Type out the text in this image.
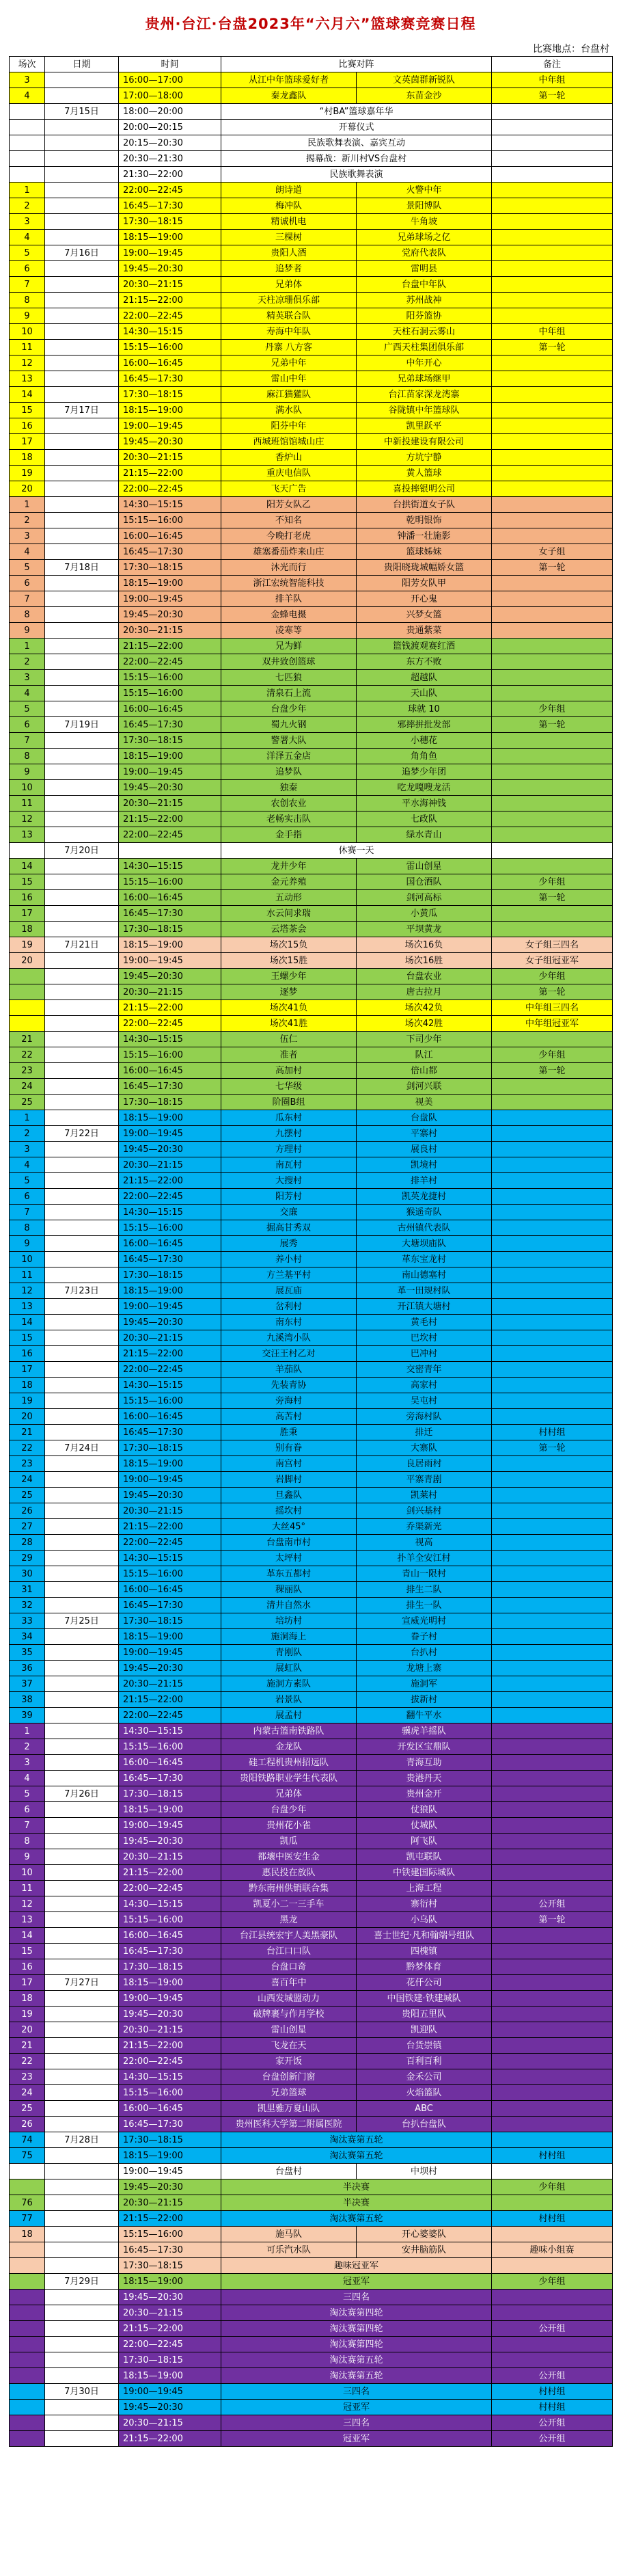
贵州·台江·台盘2023年“六月六”篮球赛竞赛日程
比赛地点：台盘村
场次	日期	时间	比赛对阵		备注
3		16:00—17:00	从江中年篮球爱好者	文英茵群新锐队	中年组
4		17:00—18:00	秦龙鑫队	东苗金沙	第一轮
	7月15日	18:00—20:00	“村BA”篮球嘉年华		
		20:00—20:15	开幕仪式		
		20:15—20:30	民族歌舞表演、嘉宾互动		
		20:30—21:30	揭幕战：新川村VS台盘村		
		21:30—22:00	民族歌舞表演		
1		22:00—22:45	朗诗道	火警中年	
2		16:45—17:30	梅冲队	景阳博队	
3		17:30—18:15	精诚机电	牛角坡	
4		18:15—19:00	三棵树	兄弟球场之亿	
5	7月16日	19:00—19:45	贵阳人酒	党府代表队	
6		19:45—20:30	追梦者	雷明县	
7		20:30—21:15	兄弟体	台盘中年队	
8		21:15—22:00	天柱凉珊俱乐部	苏州战神	
9		22:00—22:45	精英联合队	阳芬篮协	
10		14:30—15:15	寿海中年队	天柱石洞云雾山	中年组
11		15:15—16:00	丹寨 八方客	广西天柱集团俱乐部	第一轮
12		16:00—16:45	兄弟中年	中年开心	
13		16:45—17:30	雷山中年	兄弟球场继甲	
14		17:30—18:15	麻江猫獾队	台江苗家深龙湾寨	
15	7月17日	18:15—19:00	满水队	谷陇镇中年篮球队	
16		19:00—19:45	阳芬中年	凯里跃平	
17		19:45—20:30	西城班馆馆城山庄	中新投建设有限公司	
18		20:30—21:15	香炉山	方坑宁静	
19		21:15—22:00	重庆电信队	黄人篮球	
20		22:00—22:45	飞天广告	喜投摔银明公司	
1		14:30—15:15	阳芳女队乙	台拱街道女子队	
2		15:15—16:00	不知名	乾明银饰	
3		16:00—16:45	今晚打老虎	钟潘一壮施影	
4		16:45—17:30	雄塞番茄炸来山庄	篮球姊妹	女子组
5	7月18日	17:30—18:15	沐光而行	贵阳晓珑城幅娇女篮	第一轮
6		18:15—19:00	浙江宏统智能科技	阳芳女队甲	
7		19:00—19:45	排羊队	开心鬼	
8		19:45—20:30	金蜂电摄	兴梦女篮	
9		20:30—21:15	凌寒等	贵通紫菜	
1		21:15—22:00	兄为鲜	篮钱渡观赛红酒	
2		22:00—22:45	双井致创篮球	东方不败	
3		15:15—16:00	七匹狼	超越队	
4		15:15—16:00	清泉石上流	天山队	
5		16:00—16:45	台盘少年	球就 10	少年组
6	7月19日	16:45—17:30	蜀九火钢	邪摔拼批发部	第一轮
7		17:30—18:15	警署大队	小穗花	
8		18:15—19:00	洋泽五金店	角角鱼	
9		19:00—19:45	追梦队	追梦少年团	
10		19:45—20:30	独秦	吃龙嘎嗖龙活	
11		20:30—21:15	农创农业	平水海神钱	
12		21:15—22:00	老畅实击队	七政队	
13		22:00—22:45	金手指	绿水青山	
	7月20日		休赛一天		
14		14:30—15:15	龙井少年	雷山创星	
15		15:15—16:00	金元养殖	国仓酒队	少年组
16		16:00—16:45	五动形	剑河高标	第一轮
17		16:45—17:30	水云间求瑞	小黄瓜	
18		17:30—18:15	云塔茶会	平坝黄龙	
19	7月21日	18:15—19:00	场次15负	场次16负	女子组三四名
20		19:00—19:45	场次15胜	场次16胜	女子组冠亚军
		19:45—20:30	王螺少年	台盘农业	少年组
		20:30—21:15	逐梦	唐古拉月	第一轮
		21:15—22:00	场次41负	场次42负	中年组三四名
		22:00—22:45	场次41胜	场次42胜	中年组冠亚军
21		14:30—15:15	伍仁	下司少年	
22		15:15—16:00	准者	队江	少年组
23		16:00—16:45	高加村	倍山都	第一轮
24		16:45—17:30	七华级	剑河兴联	
25		17:30—18:15	阶圈B组	视美	
1		18:15—19:00	瓜东村	台盘队	
2	7月22日	19:00—19:45	九摆村	平寨村	
3		19:45—20:30	方理村	展良村	
4		20:30—21:15	南瓦村	凯境村	
5		21:15—22:00	大搜村	排羊村	
6		22:00—22:45	阳芳村	凯英龙捷村	
7		14:30—15:15	交廉	猴遥奇队	
8		15:15—16:00	掘高甘秀双	古州镇代表队	
9		16:00—16:45	展秀	大塘坝庙队	
10		16:45—17:30	养小村	革东宝龙村	
11		17:30—18:15	方兰基平村	南山德塞村	
12	7月23日	18:15—19:00	展瓦庙	革一田规村队	
13		19:00—19:45	岔利村	开江镇大塘村	
14		19:45—20:30	南东村	黄毛村	
15		20:30—21:15	九溪湾小队	巴坎村	
16		21:15—22:00	交汪王村乙对	巴冲村	
17		22:00—22:45	羊茄队	交密青年	
18		14:30—15:15	先装青协	高家村	
19		15:15—16:00	旁海村	吴屯村	
20		16:00—16:45	高苦村	旁海村队	
21		16:45—17:30	胜秉	排迁	村村组
22	7月24日	17:30—18:15	别有眷	大寨队	第一轮
23		18:15—19:00	南宫村	良居雨村	
24		19:00—19:45	岩脚村	平寨青剧	
25		19:45—20:30	旦鑫队	凯莱村	
26		20:30—21:15	摇坎村	剑兴基村	
27		21:15—22:00	大丝45°	乔渠新光	
28		22:00—22:45	台盘南市村	视高	
29		14:30—15:15	太坪村	扑羊全安江村	
30		15:15—16:00	革东五都村	青山一限村	
31		16:00—16:45	稞丽队	排生二队	
32		16:45—17:30	清井自然水	排生一队	
33	7月25日	17:30—18:15	培坊村	宣威光明村	
34		18:15—19:00	施洞海上	眷子村	
35		19:00—19:45	青刚队	台扒村	
36		19:45—20:30	展虹队	龙塘上寨	
37		20:30—21:15	施洞方素队	施洞军	
38		21:15—22:00	岩景队	拔新村	
39		22:00—22:45	展孟村	翻牛平水	
1		14:30—15:15	内蒙古篮南铁路队	骥虎羊摇队	
2		15:15—16:00	金龙队	开发区宝鼎队	
3		16:00—16:45	硅工程机贵州招远队	青海互助	
4		16:45—17:30	贵阳铁路职业学生代表队	贵港丹天	
5	7月26日	17:30—18:15	兄弟体	贵州金开	
6		18:15—19:00	台盘少年	仗狼队	
7		19:00—19:45	贵州花小雀	仗城队	
8		19:45—20:30	凯瓜	阿飞队	
9		20:30—21:15	都壤中医安生金	凯屯联队	
10		21:15—22:00	惠民投在放队	中铁建国际城队	
11		22:00—22:45	黔东南州供销联合集	上海工程	
12		14:30—15:15	凯夏小二一三手车	寨衍村	公开组
13		15:15—16:00	黑龙	小乌队	第一轮
14		16:00—16:45	台江县统宏宇人美黑豪队	喜士世纪·凡和翰端号组队	
15		16:45—17:30	台江口口队	四槐镇	
16		17:30—18:15	台盘口奇	黔梦体育	
17	7月27日	18:15—19:00	喜百年中	花仟公司	
18		19:00—19:45	山西发城盟动力	中国铁建·铁建城队	
19		19:45—20:30	破牌裹与作月学校	贵阳五里队	
20		20:30—21:15	雷山创星	凯迎队	
21		21:15—22:00	飞龙在天	台货崇镇	
22		22:00—22:45	家开饭	百利百利	
23		14:30—15:15	台盘创新门窗	金禾公司	
24		15:15—16:00	兄弟篮球	火焰篮队	
25		16:00—16:45	凯里雅万夏山队	ABC	
26		16:45—17:30	贵州医科大学第二附属医院	台扒台盘队	
74	7月28日	17:30—18:15	淘汰赛第五轮		
75		18:15—19:00	淘汰赛第五轮		村村组
		19:00—19:45	台盘村	中坝村	
		19:45—20:30	半决赛		少年组
76		20:30—21:15	半决赛		
77		21:15—22:00	淘汰赛第五轮		村村组
18		15:15—16:00	施马队	开心婆婆队	
		16:45—17:30	可乐汽水队	安井脑筋队	趣味小组赛
		17:30—18:15	趣味冠亚军		
	7月29日	18:15—19:00	冠亚军		少年组
		19:45—20:30	三四名		
		20:30—21:15	淘汰赛第四轮		
		21:15—22:00	淘汰赛第四轮		公开组
		22:00—22:45	淘汰赛第四轮		
		17:30—18:15	淘汰赛第五轮		
		18:15—19:00	淘汰赛第五轮		公开组
	7月30日	19:00—19:45	三四名		村村组
		19:45—20:30	冠亚军		村村组
		20:30—21:15	三四名		公开组
		21:15—22:00	冠亚军		公开组
